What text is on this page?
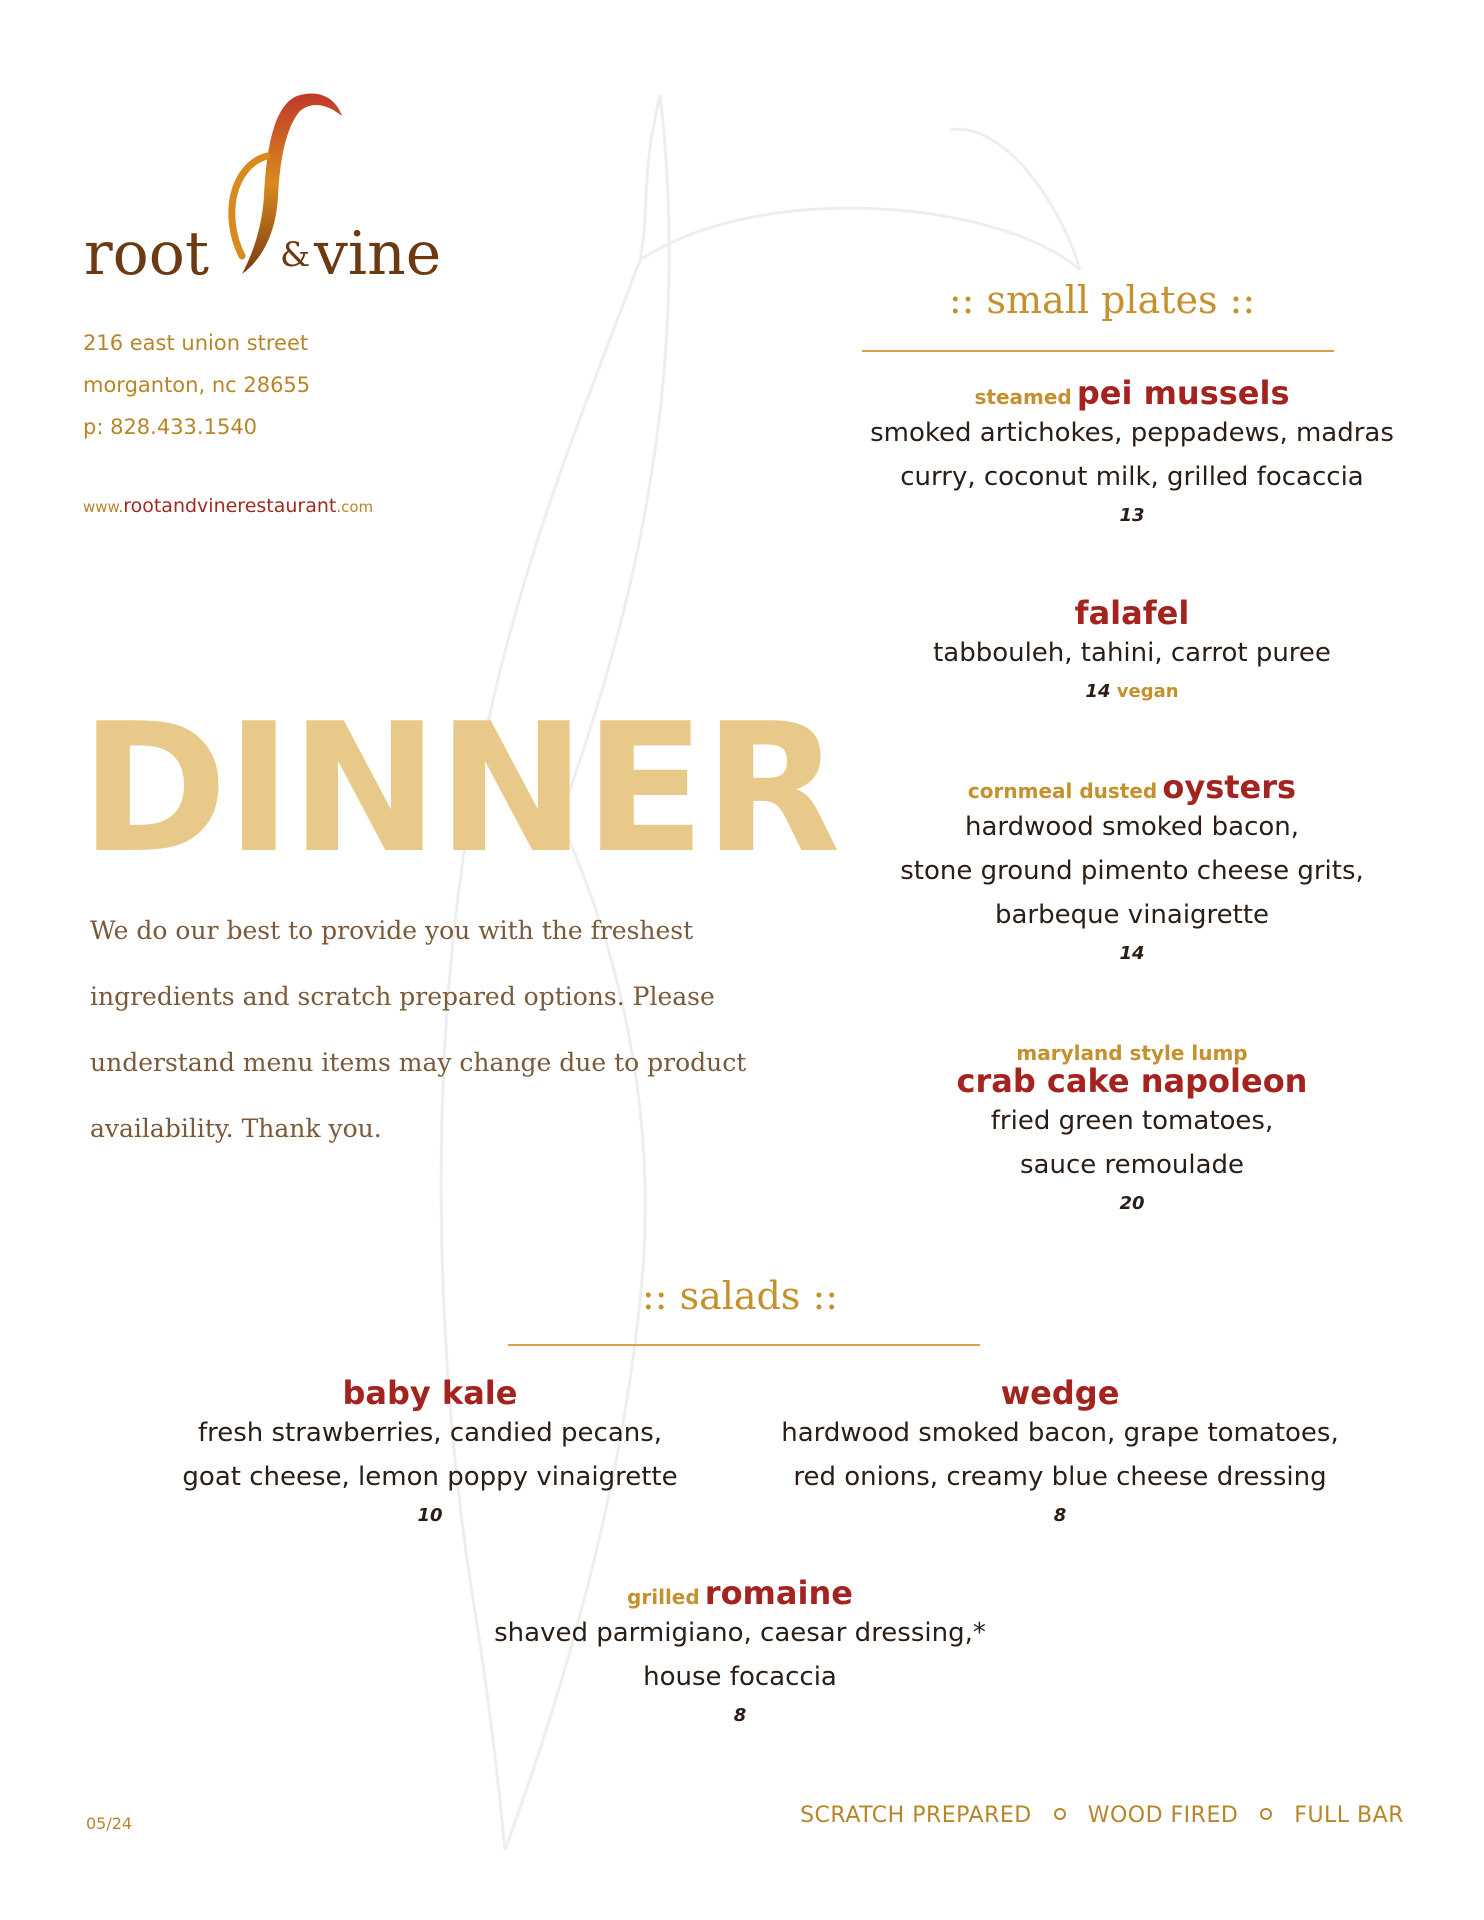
root vine
&
216 east union street
morganton, nc 28655
p: 828.433.1540
www.rootandvinerestaurant.com
DINNER
We do our best to provide you with the freshest ingredients and scratch prepared options. Please understand menu items may change due to product availability. Thank you.
:: small plates ::
steamed pei mussels
smoked artichokes, peppadews, madras
curry, coconut milk, grilled focaccia
13
falafel
tabbouleh, tahini, carrot puree
14 vegan
cornmeal dusted oysters
hardwood smoked bacon,
stone ground pimento cheese grits,
barbeque vinaigrette
14
maryland style lump
crab cake napoleon
fried green tomatoes,
sauce remoulade
20
:: salads ::
baby kale
fresh strawberries, candied pecans,
goat cheese, lemon poppy vinaigrette
10
wedge
hardwood smoked bacon, grape tomatoes,
red onions, creamy blue cheese dressing
8
grilled romaine
shaved parmigiano, caesar dressing,*
house focaccia
8
05/24	SCRATCH PREPARED	WOOD FIRED	FULL BAR
